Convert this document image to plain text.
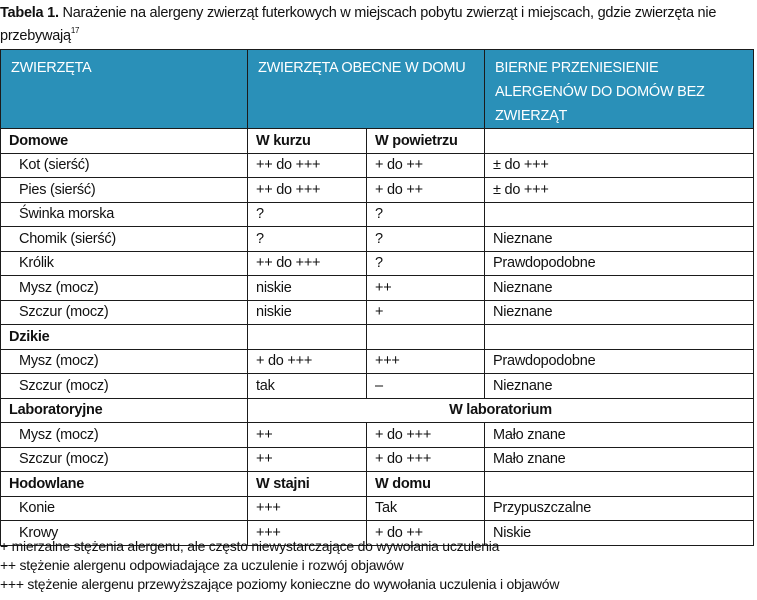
Tabela 1. Narażenie na alergeny zwierząt futerkowych w miejscach pobytu zwierząt i miejscach, gdzie zwierzęta nie przebywają$^{17}$
ZWIERZĘTA	ZWIERZĘTA OBECNE W DOMU		BIERNE PRZENIESIENIE ALERGENÓW DO DOMÓW BEZ ZWIERZĄT
Domowe	W kurzu	W powietrzu	
Kot (sierść)	++ do +++	+ do ++	± do +++
Pies (sierść)	++ do +++	+ do ++	± do +++
Świnka morska	?	?	
Chomik (sierść)	?	?	Nieznane
Królik	++ do +++	?	Prawdopodobne
Mysz (mocz)	niskie	++	Nieznane
Szczur (mocz)	niskie	+	Nieznane
Dzikie			
Mysz (mocz)	+ do +++	+++	Prawdopodobne
Szczur (mocz)	tak	–	Nieznane
Laboratoryjne	W laboratorium		
Mysz (mocz)	++	+ do +++	Mało znane
Szczur (mocz)	++	+ do +++	Mało znane
Hodowlane	W stajni	W domu	
Konie	+++	Tak	Przypuszczalne
Krowy	+++	+ do ++	Niskie
+ mierzalne stężenia alergenu, ale często niewystarczające do wywołania uczulenia
++ stężenie alergenu odpowiadające za uczulenie i rozwój objawów
+++ stężenie alergenu przewyższające poziomy konieczne do wywołania uczulenia i objawów
